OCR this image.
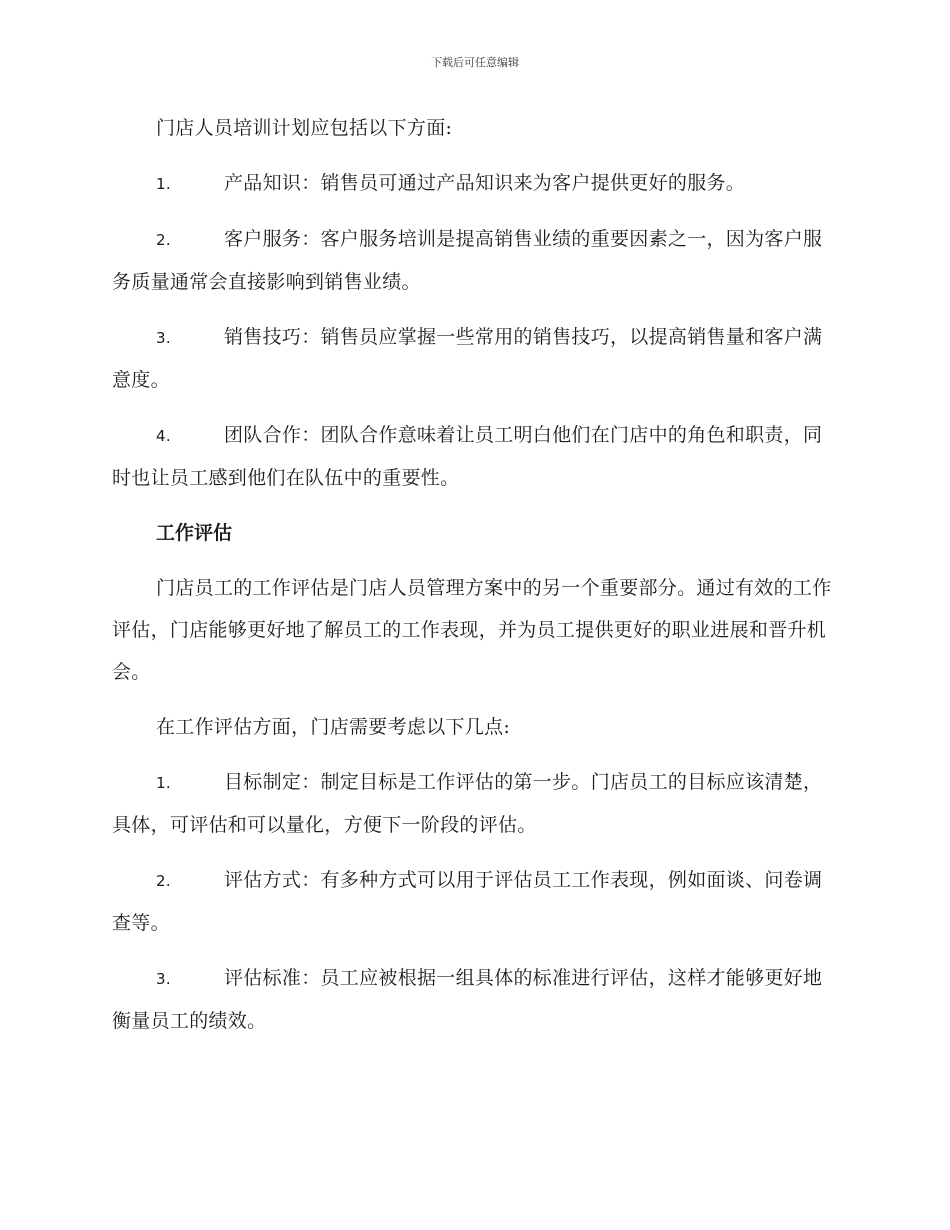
下载后可任意编辑

门店人员培训计划应包括以下方面:

1.	产品知识：销售员可通过产品知识来为客户提供更好的服务。

2.	客户服务：客户服务培训是提高销售业绩的重要因素之一，因为客户服务质量通常会直接影响到销售业绩。

3.	销售技巧：销售员应掌握一些常用的销售技巧，以提高销售量和客户满意度。

4.	团队合作：团队合作意味着让员工明白他们在门店中的角色和职责，同时也让员工感到他们在队伍中的重要性。

工作评估

门店员工的工作评估是门店人员管理方案中的另一个重要部分。通过有效的工作评估，门店能够更好地了解员工的工作表现，并为员工提供更好的职业进展和晋升机会。

在工作评估方面，门店需要考虑以下几点:

1.	目标制定：制定目标是工作评估的第一步。门店员工的目标应该清楚，具体，可评估和可以量化，方便下一阶段的评估。

2.	评估方式：有多种方式可以用于评估员工工作表现，例如面谈、问卷调查等。

3.	评估标准：员工应被根据一组具体的标准进行评估，这样才能够更好地衡量员工的绩效。
